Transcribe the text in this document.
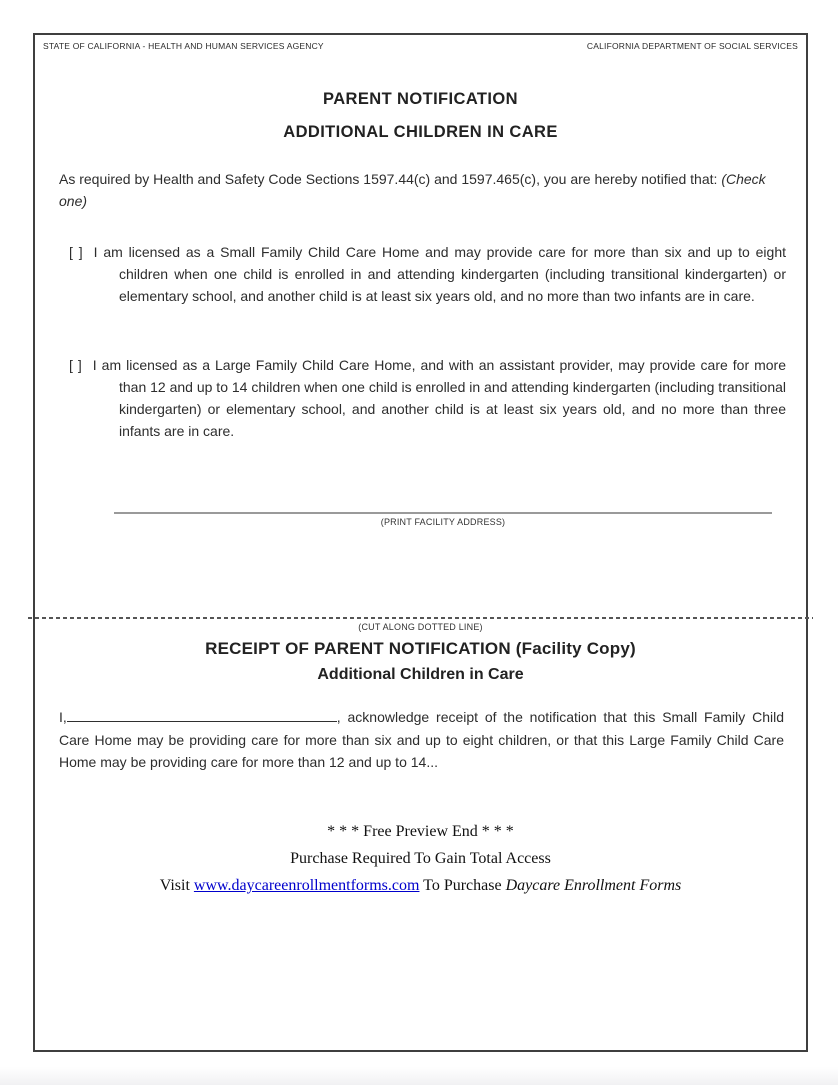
STATE OF CALIFORNIA - HEALTH AND HUMAN SERVICES AGENCY	CALIFORNIA DEPARTMENT OF SOCIAL SERVICES
PARENT NOTIFICATION
ADDITIONAL CHILDREN IN CARE
As required by Health and Safety Code Sections 1597.44(c) and 1597.465(c), you are hereby notified that: (Check one)
[ ] I am licensed as a Small Family Child Care Home and may provide care for more than six and up to eight children when one child is enrolled in and attending kindergarten (including transitional kindergarten) or elementary school, and another child is at least six years old, and no more than two infants are in care.
[ ] I am licensed as a Large Family Child Care Home, and with an assistant provider, may provide care for more than 12 and up to 14 children when one child is enrolled in and attending kindergarten (including transitional kindergarten) or elementary school, and another child is at least six years old, and no more than three infants are in care.
(PRINT FACILITY ADDRESS)
(CUT ALONG DOTTED LINE)
RECEIPT OF PARENT NOTIFICATION (Facility Copy)
Additional Children in Care
I,	, acknowledge receipt of the notification that this Small Family Child Care Home may be providing care for more than six and up to eight children, or that this Large Family Child Care Home may be providing care for more than 12 and up to 14...
* * * Free Preview End * * *
Purchase Required To Gain Total Access
Visit www.daycareenrollmentforms.com To Purchase Daycare Enrollment Forms
